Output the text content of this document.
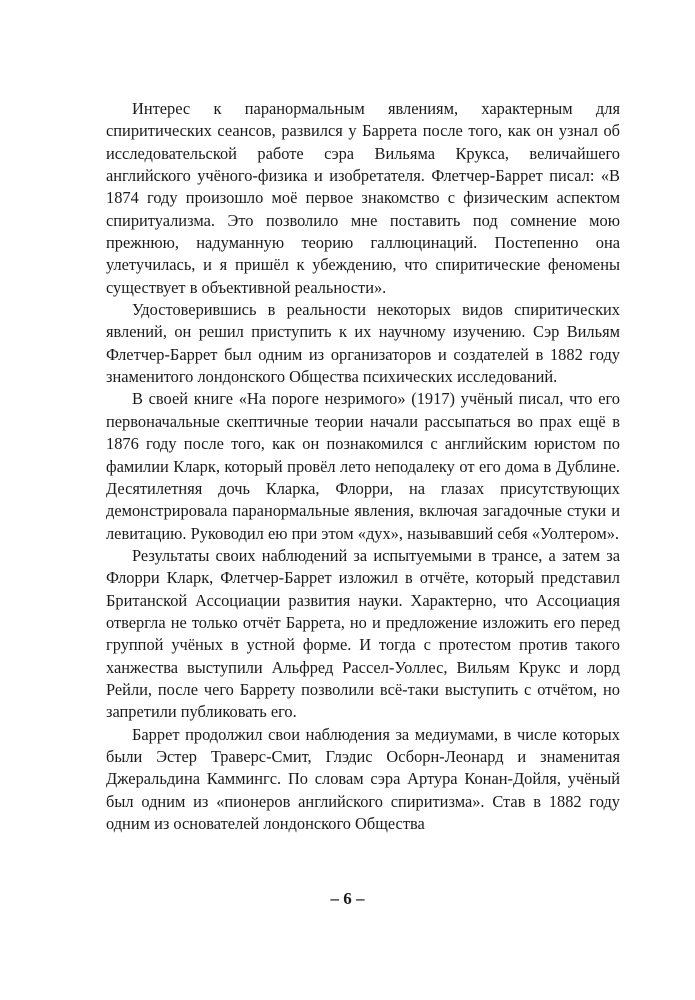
Интерес к паранормальным явлениям, характерным для спиритических сеансов, развился у Баррета после того, как он узнал об исследовательской работе сэра Вильяма Крукса, величайшего английского учёного-физика и изобретателя. Флетчер-Баррет писал: «В 1874 году произошло моё первое знакомство с физическим аспектом спиритуализма. Это позволило мне поставить под сомнение мою прежнюю, надуманную теорию галлюцинаций. Постепенно она улетучилась, и я пришёл к убеждению, что спиритические феномены существует в объективной реальности».

Удостоверившись в реальности некоторых видов спиритических явлений, он решил приступить к их научному изучению. Сэр Вильям Флетчер-Баррет был одним из организаторов и создателей в 1882 году знаменитого лондонского Общества психических исследований.

В своей книге «На пороге незримого» (1917) учёный писал, что его первоначальные скептичные теории начали рассыпаться во прах ещё в 1876 году после того, как он познакомился с английским юристом по фамилии Кларк, который провёл лето неподалеку от его дома в Дублине. Десятилетняя дочь Кларка, Флорри, на глазах присутствующих демонстрировала паранормальные явления, включая загадочные стуки и левитацию. Руководил ею при этом «дух», называвший себя «Уолтером».

Результаты своих наблюдений за испытуемыми в трансе, а затем за Флорри Кларк, Флетчер-Баррет изложил в отчёте, который представил Британской Ассоциации развития науки. Характерно, что Ассоциация отвергла не только отчёт Баррета, но и предложение изложить его перед группой учёных в устной форме. И тогда с протестом против такого ханжества выступили Альфред Рассел-Уоллес, Вильям Крукс и лорд Рейли, после чего Баррету позволили всё-таки выступить с отчётом, но запретили публиковать его.

Баррет продолжил свои наблюдения за медиумами, в числе которых были Эстер Траверс-Смит, Глэдис Осборн-Леонард и знаменитая Джеральдина Каммингс. По словам сэра Артура Конан-Дойля, учёный был одним из «пионеров английского спиритизма». Став в 1882 году одним из основателей лондонского Общества

– 6 –
